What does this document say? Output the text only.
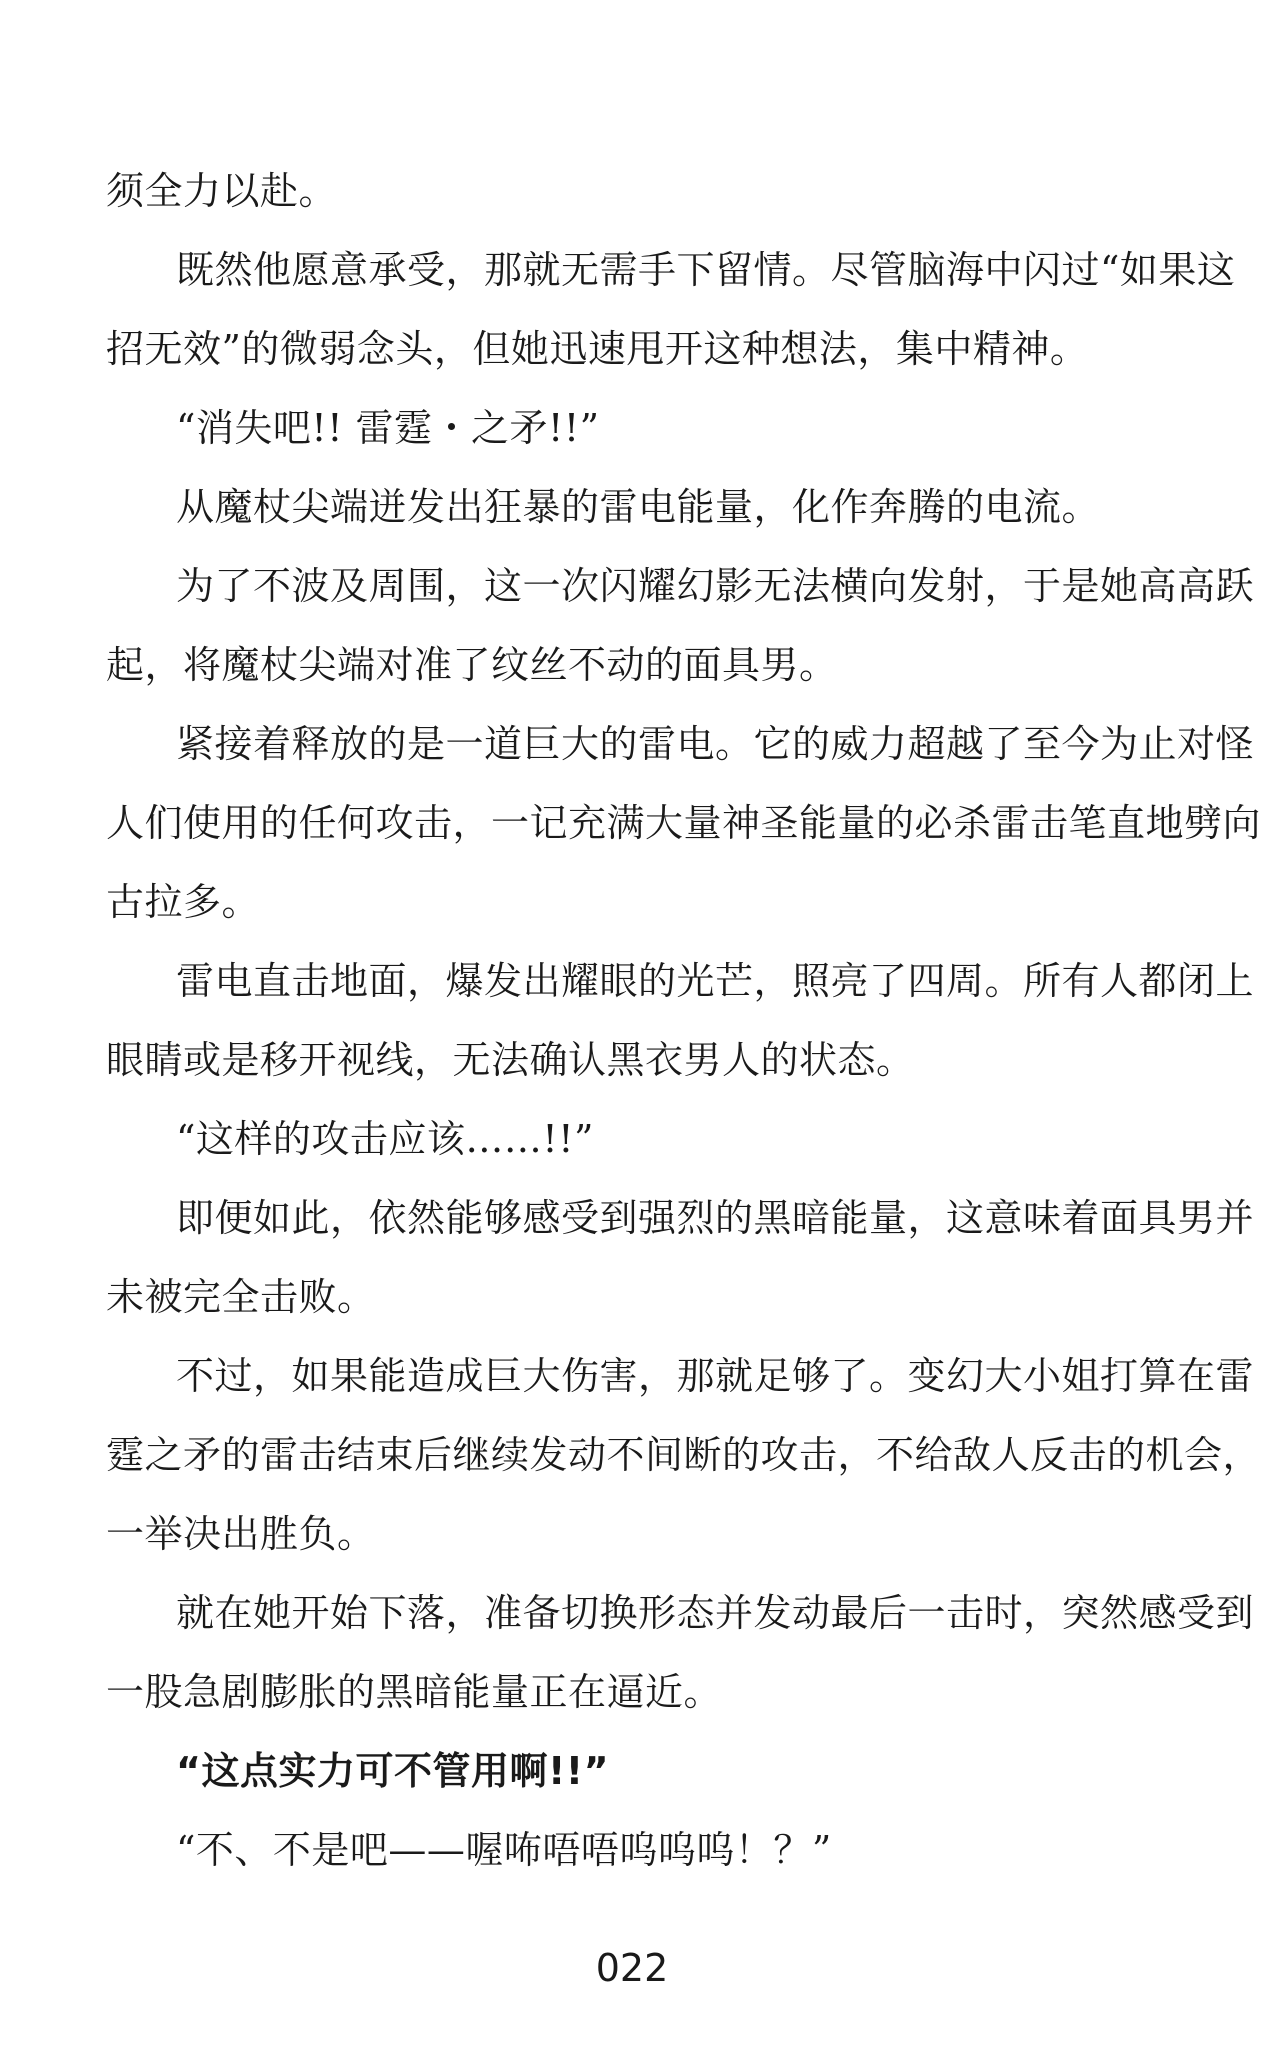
须全力以赴。
既然他愿意承受，那就无需手下留情。尽管脑海中闪过“如果这
招无效”的微弱念头，但她迅速甩开这种想法，集中精神。
“消失吧!! 雷霆・之矛!!”
从魔杖尖端迸发出狂暴的雷电能量，化作奔腾的电流。
为了不波及周围，这一次闪耀幻影无法横向发射，于是她高高跃
起，将魔杖尖端对准了纹丝不动的面具男。
紧接着释放的是一道巨大的雷电。它的威力超越了至今为止对怪
人们使用的任何攻击，一记充满大量神圣能量的必杀雷击笔直地劈向
古拉多。
雷电直击地面，爆发出耀眼的光芒，照亮了四周。所有人都闭上
眼睛或是移开视线，无法确认黑衣男人的状态。
“这样的攻击应该……!!”
即便如此，依然能够感受到强烈的黑暗能量，这意味着面具男并
未被完全击败。
不过，如果能造成巨大伤害，那就足够了。变幻大小姐打算在雷
霆之矛的雷击结束后继续发动不间断的攻击，不给敌人反击的机会，
一举决出胜负。
就在她开始下落，准备切换形态并发动最后一击时，突然感受到
一股急剧膨胀的黑暗能量正在逼近。
“这点实力可不管用啊!!”
“不、不是吧——喔咘唔唔呜呜呜！？”
022
